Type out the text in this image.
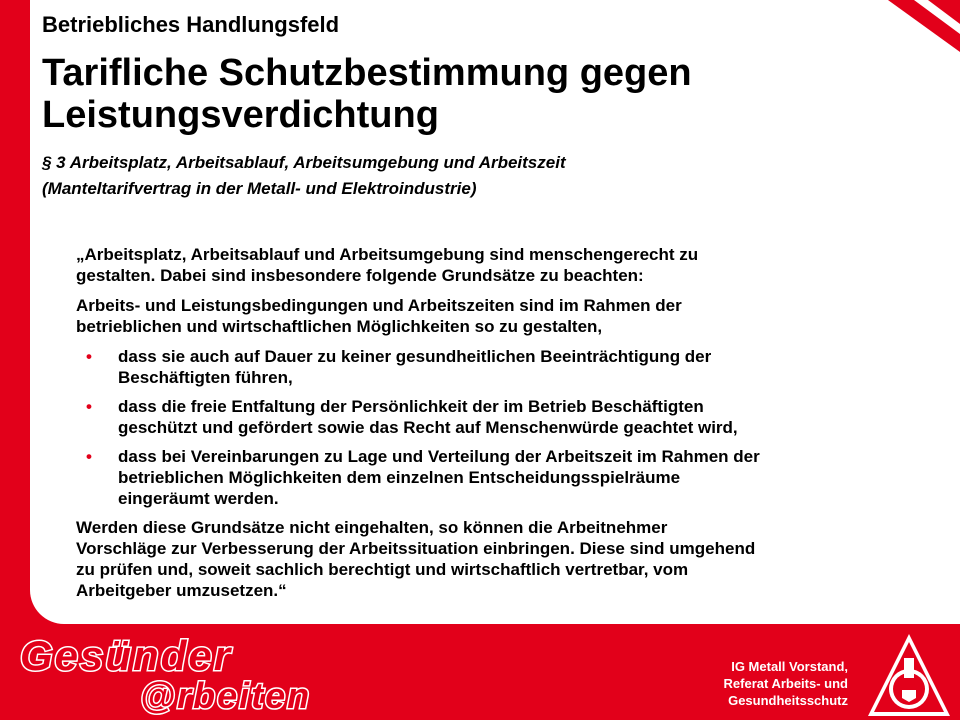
Betriebliches Handlungsfeld
Tarifliche Schutzbestimmung gegen
Leistungsverdichtung

§ 3 Arbeitsplatz, Arbeitsablauf, Arbeitsumgebung und Arbeitszeit

(Manteltarifvertrag in der Metall- und Elektroindustrie)

„Arbeitsplatz, Arbeitsablauf und Arbeitsumgebung sind menschengerecht zu
gestalten. Dabei sind insbesondere folgende Grundsätze zu beachten:

Arbeits- und Leistungsbedingungen und Arbeitszeiten sind im Rahmen der
betrieblichen und wirtschaftlichen Möglichkeiten so zu gestalten,

• dass sie auch auf Dauer zu keiner gesundheitlichen Beeinträchtigung der
Beschäftigten führen,
• dass die freie Entfaltung der Persönlichkeit der im Betrieb Beschäftigten
geschützt und gefördert sowie das Recht auf Menschenwürde geachtet wird,
• dass bei Vereinbarungen zu Lage und Verteilung der Arbeitszeit im Rahmen der
betrieblichen Möglichkeiten dem einzelnen Entscheidungsspielräume
eingeräumt werden.

Werden diese Grundsätze nicht eingehalten, so können die Arbeitnehmer
Vorschläge zur Verbesserung der Arbeitssituation einbringen. Diese sind umgehend
zu prüfen und, soweit sachlich berechtigt und wirtschaftlich vertretbar, vom
Arbeitgeber umzusetzen.“

Gesünder
@rbeiten
IG Metall Vorstand,
Referat Arbeits- und
Gesundheitsschutz
